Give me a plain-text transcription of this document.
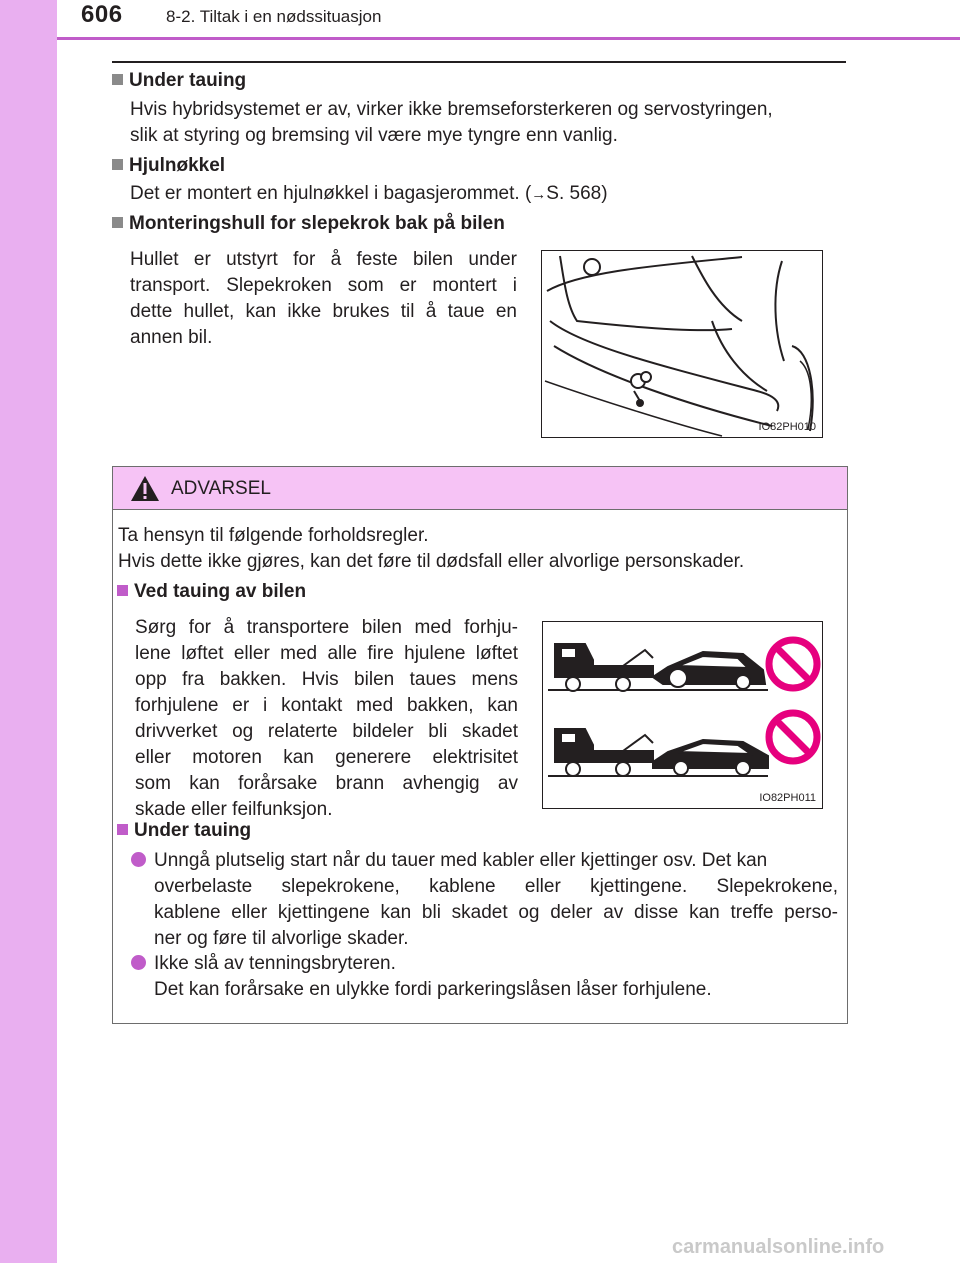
606	8-2. Tiltak i en nødssituasjon
Under tauing
Hvis hybridsystemet er av, virker ikke bremseforsterkeren og servostyringen,
slik at styring og bremsing vil være mye tyngre enn vanlig.
Hjulnøkkel
Det er montert en hjulnøkkel i bagasjerommet. (→S. 568)
Monteringshull for slepekrok bak på bilen
Hullet er utstyrt for å feste bilen under
transport. Slepekroken som er montert i
dette hullet, kan ikke brukes til å taue en
annen bil.
IO82PH010
ADVARSEL
Ta hensyn til følgende forholdsregler.
Hvis dette ikke gjøres, kan det føre til dødsfall eller alvorlige personskader.
Ved tauing av bilen
Sørg for å transportere bilen med forhju-
lene løftet eller med alle fire hjulene løftet
opp fra bakken. Hvis bilen taues mens
forhjulene er i kontakt med bakken, kan
drivverket og relaterte bildeler bli skadet
eller motoren kan generere elektrisitet
som kan forårsake brann avhengig av
skade eller feilfunksjon.
IO82PH011
Under tauing
Unngå plutselig start når du tauer med kabler eller kjettinger osv. Det kan
overbelaste slepekrokene, kablene eller kjettingene. Slepekrokene,
kablene eller kjettingene kan bli skadet og deler av disse kan treffe perso-
ner og føre til alvorlige skader.
Ikke slå av tenningsbryteren.
Det kan forårsake en ulykke fordi parkeringslåsen låser forhjulene.
carmanualsonline.info
